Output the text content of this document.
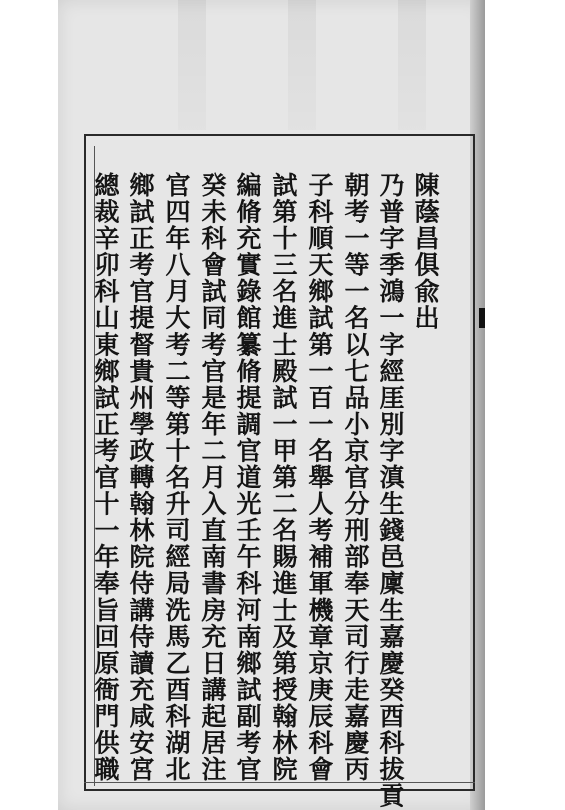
陳蔭昌俱兪出
乃普字季鴻一字經厓別字滇生錢邑廩生嘉慶癸酉科拔貢
朝考一等一名以七品小京官分刑部奉天司行走嘉慶丙
子科順天鄉試第一百一名舉人考補軍機章京庚辰科會
試第十三名進士殿試一甲第二名賜進士及第授翰林院
編脩充實錄館纂脩提調官道光壬午科河南鄉試副考官
癸未科會試同考官是年二月入直南書房充日講起居注
官四年八月大考二等第十名升司經局洗馬乙酉科湖北
鄉試正考官提督貴州學政轉翰林院侍講侍讀充咸安宮
總裁辛卯科山東鄉試正考官十一年奉旨回原衙門供職
